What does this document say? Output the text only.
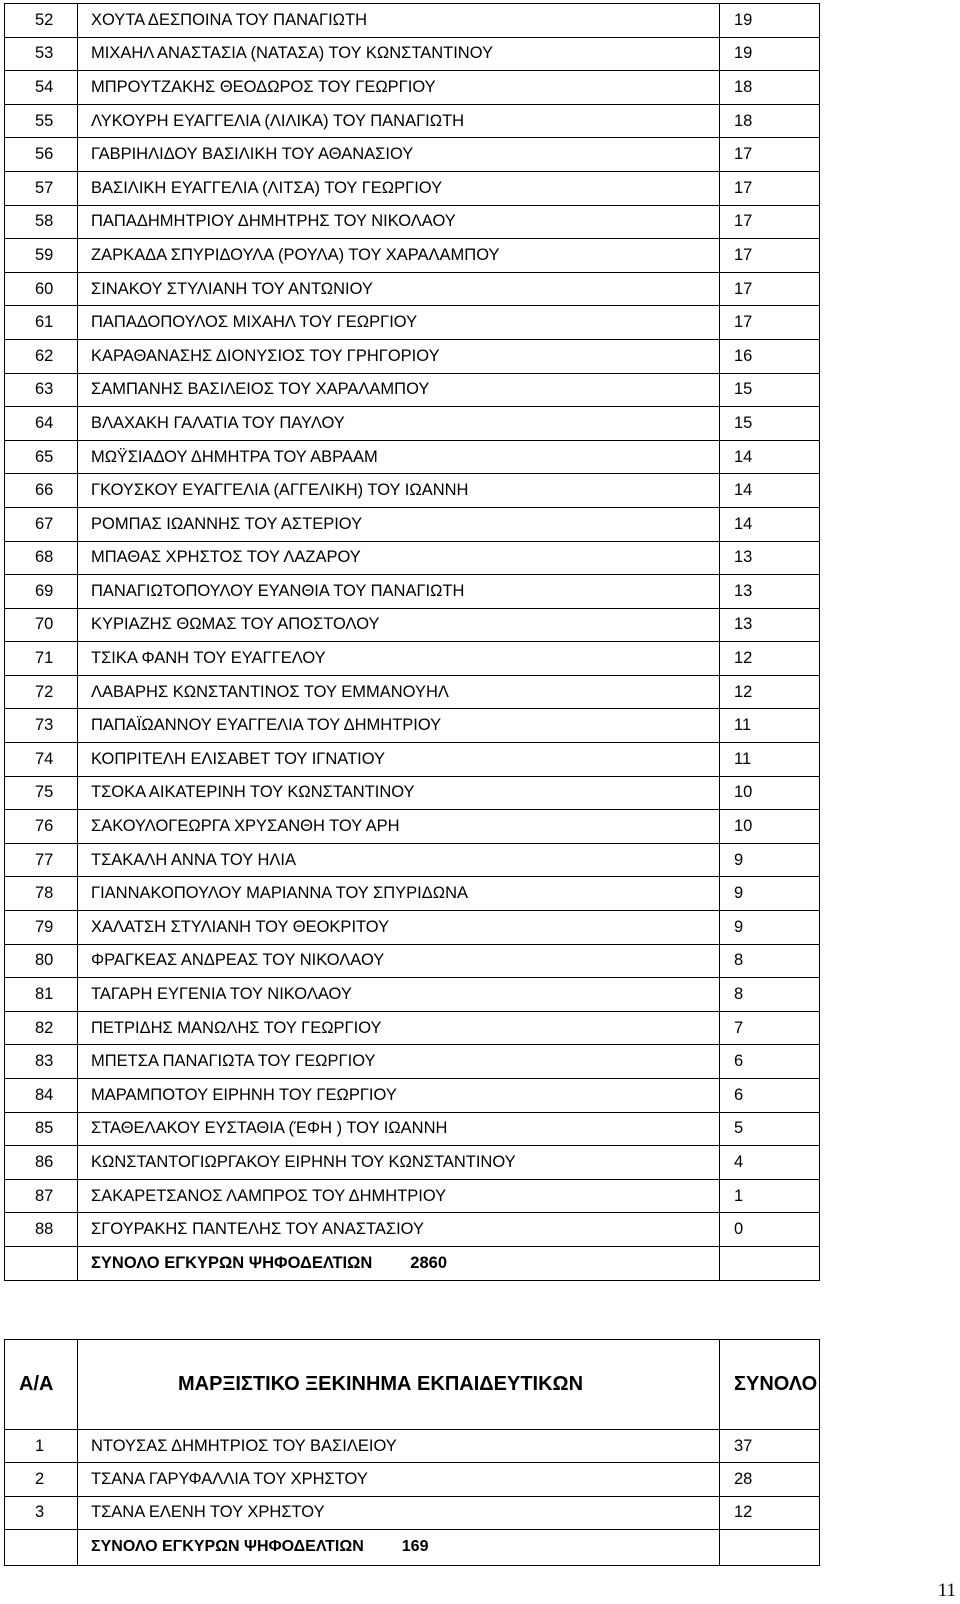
52	ΧΟΥΤΑ ΔΕΣΠΟΙΝΑ ΤΟΥ ΠΑΝΑΓΙΩΤΗ	19
53	ΜΙΧΑΗΛ ΑΝΑΣΤΑΣΙΑ (ΝΑΤΑΣΑ) ΤΟΥ ΚΩΝΣΤΑΝΤΙΝΟΥ	19
54	ΜΠΡΟΥΤΖΑΚΗΣ ΘΕΟΔΩΡΟΣ ΤΟΥ ΓΕΩΡΓΙΟΥ	18
55	ΛΥΚΟΥΡΗ ΕΥΑΓΓΕΛΙΑ (ΛΙΛΙΚΑ) ΤΟΥ ΠΑΝΑΓΙΩΤΗ	18
56	ΓΑΒΡΙΗΛΙΔΟΥ ΒΑΣΙΛΙΚΗ ΤΟΥ ΑΘΑΝΑΣΙΟΥ	17
57	ΒΑΣΙΛΙΚΗ ΕΥΑΓΓΕΛΙΑ (ΛΙΤΣΑ) ΤΟΥ ΓΕΩΡΓΙΟΥ	17
58	ΠΑΠΑΔΗΜΗΤΡΙΟΥ ΔΗΜΗΤΡΗΣ ΤΟΥ ΝΙΚΟΛΑΟΥ	17
59	ΖΑΡΚΑΔΑ ΣΠΥΡΙΔΟΥΛΑ (ΡΟΥΛΑ) ΤΟΥ ΧΑΡΑΛΑΜΠΟΥ	17
60	ΣΙΝΑΚΟΥ ΣΤΥΛΙΑΝΗ ΤΟΥ ΑΝΤΩΝΙΟΥ	17
61	ΠΑΠΑΔΟΠΟΥΛΟΣ ΜΙΧΑΗΛ ΤΟΥ ΓΕΩΡΓΙΟΥ	17
62	ΚΑΡΑΘΑΝΑΣΗΣ ΔΙΟΝΥΣΙΟΣ ΤΟΥ ΓΡΗΓΟΡΙΟΥ	16
63	ΣΑΜΠΑΝΗΣ ΒΑΣΙΛΕΙΟΣ ΤΟΥ ΧΑΡΑΛΑΜΠΟΥ	15
64	ΒΛΑΧΑΚΗ ΓΑΛΑΤΙΑ ΤΟΥ ΠΑΥΛΟΥ	15
65	ΜΩΫΣΙΑΔΟΥ ΔΗΜΗΤΡΑ ΤΟΥ ΑΒΡΑΑΜ	14
66	ΓΚΟΥΣΚΟΥ ΕΥΑΓΓΕΛΙΑ (ΑΓΓΕΛΙΚΗ) ΤΟΥ ΙΩΑΝΝΗ	14
67	ΡΟΜΠΑΣ ΙΩΑΝΝΗΣ ΤΟΥ ΑΣΤΕΡΙΟΥ	14
68	ΜΠΑΘΑΣ ΧΡΗΣΤΟΣ ΤΟΥ ΛΑΖΑΡΟΥ	13
69	ΠΑΝΑΓΙΩΤΟΠΟΥΛΟΥ ΕΥΑΝΘΙΑ ΤΟΥ ΠΑΝΑΓΙΩΤΗ	13
70	ΚΥΡΙΑΖΗΣ ΘΩΜΑΣ ΤΟΥ ΑΠΟΣΤΟΛΟΥ	13
71	ΤΣΙΚΑ ΦΑΝΗ ΤΟΥ ΕΥΑΓΓΕΛΟΥ	12
72	ΛΑΒΑΡΗΣ ΚΩΝΣΤΑΝΤΙΝΟΣ ΤΟΥ ΕΜΜΑΝΟΥΗΛ	12
73	ΠΑΠΑΪΩΑΝΝΟΥ ΕΥΑΓΓΕΛΙΑ ΤΟΥ ΔΗΜΗΤΡΙΟΥ	11
74	ΚΟΠΡΙΤΕΛΗ ΕΛΙΣΑΒΕΤ ΤΟΥ ΙΓΝΑΤΙΟΥ	11
75	ΤΣΟΚΑ ΑΙΚΑΤΕΡΙΝΗ ΤΟΥ ΚΩΝΣΤΑΝΤΙΝΟΥ	10
76	ΣΑΚΟΥΛΟΓΕΩΡΓΑ ΧΡΥΣΑΝΘΗ ΤΟΥ ΑΡΗ	10
77	ΤΣΑΚΑΛΗ ΑΝΝΑ ΤΟΥ ΗΛΙΑ	9
78	ΓΙΑΝΝΑΚΟΠΟΥΛΟΥ ΜΑΡΙΑΝΝΑ ΤΟΥ ΣΠΥΡΙΔΩΝΑ	9
79	ΧΑΛΑΤΣΗ ΣΤΥΛΙΑΝΗ ΤΟΥ ΘΕΟΚΡΙΤΟΥ	9
80	ΦΡΑΓΚΕΑΣ ΑΝΔΡΕΑΣ ΤΟΥ ΝΙΚΟΛΑΟΥ	8
81	ΤΑΓΑΡΗ ΕΥΓΕΝΙΑ ΤΟΥ ΝΙΚΟΛΑΟΥ	8
82	ΠΕΤΡΙΔΗΣ ΜΑΝΩΛΗΣ ΤΟΥ ΓΕΩΡΓΙΟΥ	7
83	ΜΠΕΤΣΑ ΠΑΝΑΓΙΩΤΑ ΤΟΥ ΓΕΩΡΓΙΟΥ	6
84	ΜΑΡΑΜΠΟΤΟΥ ΕΙΡΗΝΗ ΤΟΥ ΓΕΩΡΓΙΟΥ	6
85	ΣΤΑΘΕΛΑΚΟΥ ΕΥΣΤΑΘΙΑ (ΈΦΗ ) ΤΟΥ ΙΩΑΝΝΗ	5
86	ΚΩΝΣΤΑΝΤΟΓΙΩΡΓΑΚΟΥ ΕΙΡΗΝΗ ΤΟΥ ΚΩΝΣΤΑΝΤΙΝΟΥ	4
87	ΣΑΚΑΡΕΤΣΑΝΟΣ ΛΑΜΠΡΟΣ ΤΟΥ ΔΗΜΗΤΡΙΟΥ	1
88	ΣΓΟΥΡΑΚΗΣ ΠΑΝΤΕΛΗΣ ΤΟΥ ΑΝΑΣΤΑΣΙΟΥ	0
	ΣΥΝΟΛΟ ΕΓΚΥΡΩΝ ΨΗΦΟΔΕΛΤΙΩΝ 2860	
Α/Α	ΜΑΡΞΙΣΤΙΚΟ ΞΕΚΙΝΗΜΑ ΕΚΠΑΙΔΕΥΤΙΚΩΝ	ΣΥΝΟΛΟ
1	ΝΤΟΥΣΑΣ ΔΗΜΗΤΡΙΟΣ ΤΟΥ ΒΑΣΙΛΕΙΟΥ	37
2	ΤΣΑΝΑ ΓΑΡΥΦΑΛΛΙΑ ΤΟΥ ΧΡΗΣΤΟΥ	28
3	ΤΣΑΝΑ ΕΛΕΝΗ ΤΟΥ ΧΡΗΣΤΟΥ	12
	ΣΥΝΟΛΟ ΕΓΚΥΡΩΝ ΨΗΦΟΔΕΛΤΙΩΝ 169	
11
